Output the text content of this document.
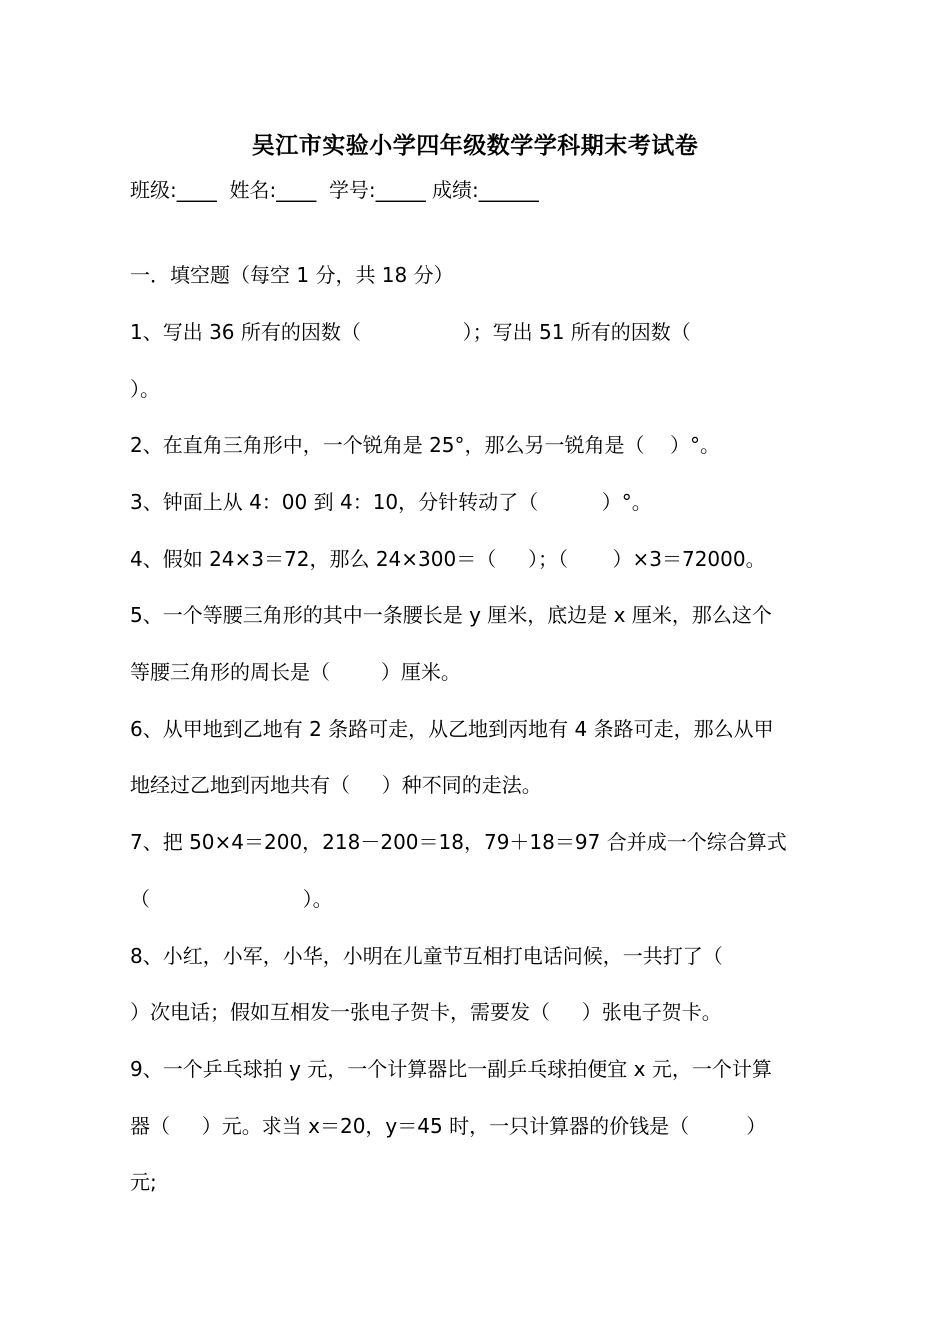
吴江市实验小学四年级数学学科期末考试卷
班级:____ 姓名:____ 学号:_____ 成绩:______
一．填空题（每空 1 分，共 18 分）
1、写出 36 所有的因数（                ）；写出 51 所有的因数（
）。
2、在直角三角形中，一个锐角是 25°，那么另一锐角是（    ）°。
3、钟面上从 4：00 到 4：10，分针转动了（          ）°。
4、假如 24×3＝72，那么 24×300＝（     ）；（       ）×3＝72000。
5、一个等腰三角形的其中一条腰长是 y 厘米，底边是 x 厘米，那么这个
等腰三角形的周长是（        ）厘米。
6、从甲地到乙地有 2 条路可走，从乙地到丙地有 4 条路可走，那么从甲
地经过乙地到丙地共有（     ）种不同的走法。
7、把 50×4＝200，218－200＝18，79＋18＝97 合并成一个综合算式
（                        ）。
8、小红，小军，小华，小明在儿童节互相打电话问候，一共打了（
）次电话；假如互相发一张电子贺卡，需要发（     ）张电子贺卡。
9、一个乒乓球拍 y 元，一个计算器比一副乒乓球拍便宜 x 元，一个计算
器（     ）元。求当 x＝20，y＝45 时，一只计算器的价钱是（         ）
元;
